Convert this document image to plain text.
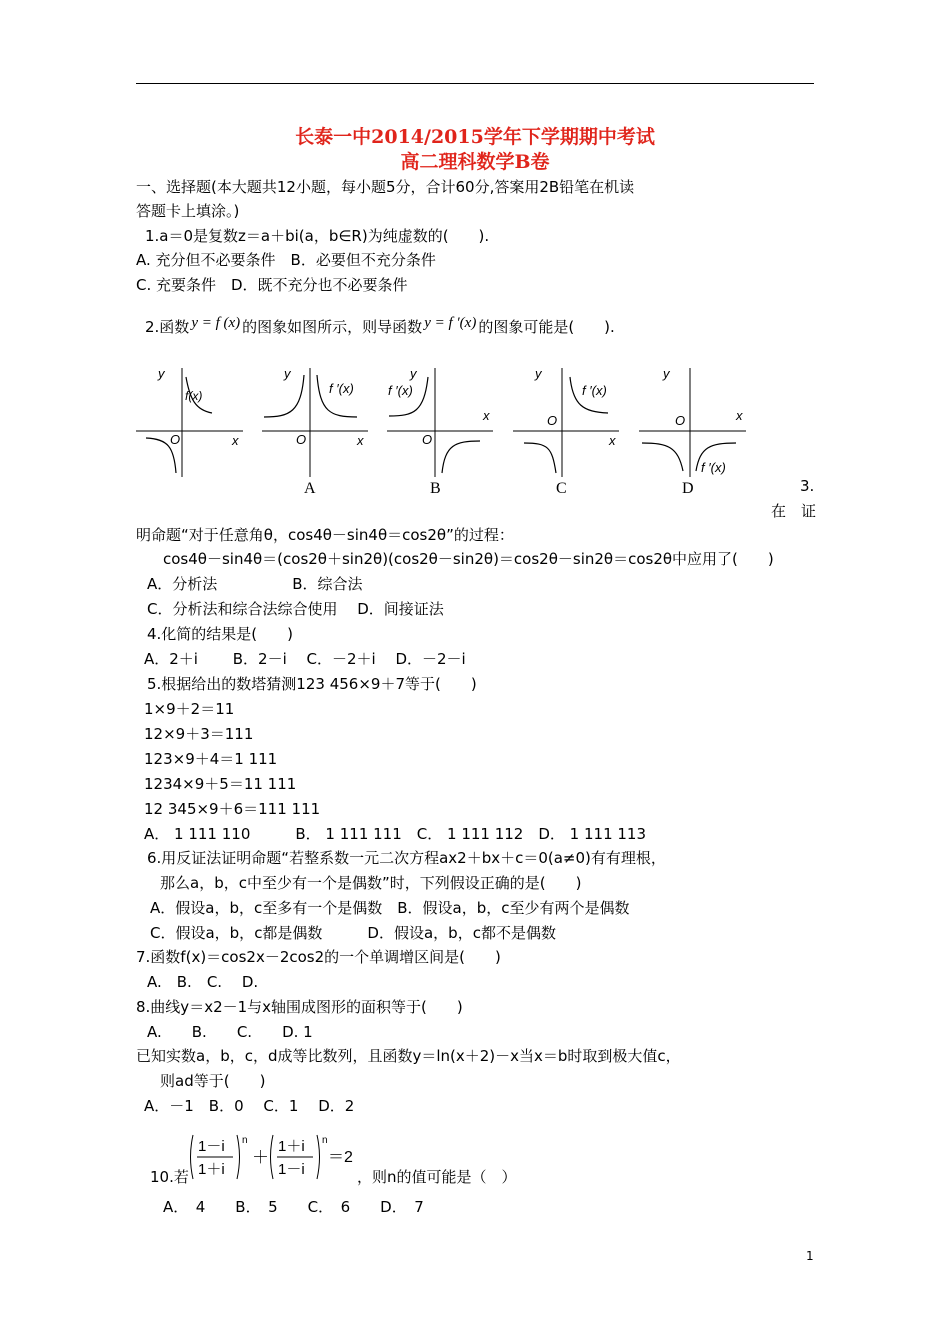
长泰一中2014/2015学年下学期期中考试
高二理科数学B卷
一、选择题(本大题共12小题，每小题5分，合计60分,答案用2B铅笔在机读
答题卡上填涂。)
1.a＝0是复数z＝a＋bi(a，b∈R)为纯虚数的(　　).
A. 充分但不必要条件　B．必要但不充分条件
C. 充要条件　D．既不充分也不必要条件
2.函数 y = f (x) 的图象如图所示，则导函数 y = f ′(x) 的图象可能是(　　).
y
x
O
f(x)
y
x
O
f ′(x)
y
x
O
f ′(x)
y
x
O
f ′(x)
y
x
O
f ′(x)
A	B	C	D	3.
在　证
明命题“对于任意角θ，cos4θ－sin4θ＝cos2θ”的过程：
cos4θ－sin4θ＝(cos2θ＋sin2θ)(cos2θ－sin2θ)＝cos2θ－sin2θ＝cos2θ中应用了(　　)
A．分析法　　　　　B．综合法
C．分析法和综合法综合使用　 D．间接证法
4.化简的结果是(　　)
A．2＋i　　 B．2－i　 C．－2＋i　 D．－2－i
5.根据给出的数塔猜测123 456×9＋7等于(　　)
1×9＋2＝11
12×9＋3＝111
123×9＋4＝1 111
1234×9＋5＝11 111
12 345×9＋6＝111 111
A． 1 111 110　　　B． 1 111 111　C． 1 111 112　D． 1 111 113
6.用反证法证明命题“若整系数一元二次方程ax2＋bx＋c＝0(a≠0)有有理根，
那么a，b，c中至少有一个是偶数”时，下列假设正确的是(　　)
A．假设a，b，c至多有一个是偶数　B．假设a，b，c至少有两个是偶数
C．假设a，b，c都是偶数　　　D．假设a，b，c都不是偶数
7.函数f(x)＝cos2x－2cos2的一个单调增区间是(　　)
A.　B.　C.　 D.
8.曲线y＝x2－1与x轴围成图形的面积等于(　　)
A.　　B.　　C.　　D. 1
已知实数a，b，c，d成等比数列，且函数y＝ln(x＋2)－x当x＝b时取到极大值c，
则ad等于(　　)
A．－1　B．0　 C．1　 D．2
10.若
1－i
1＋i
n
＋
1＋i
1－i
n
＝2
，则n的值可能是（　）
A．　4　　B．　5　　C．　6　　D．　7
1
